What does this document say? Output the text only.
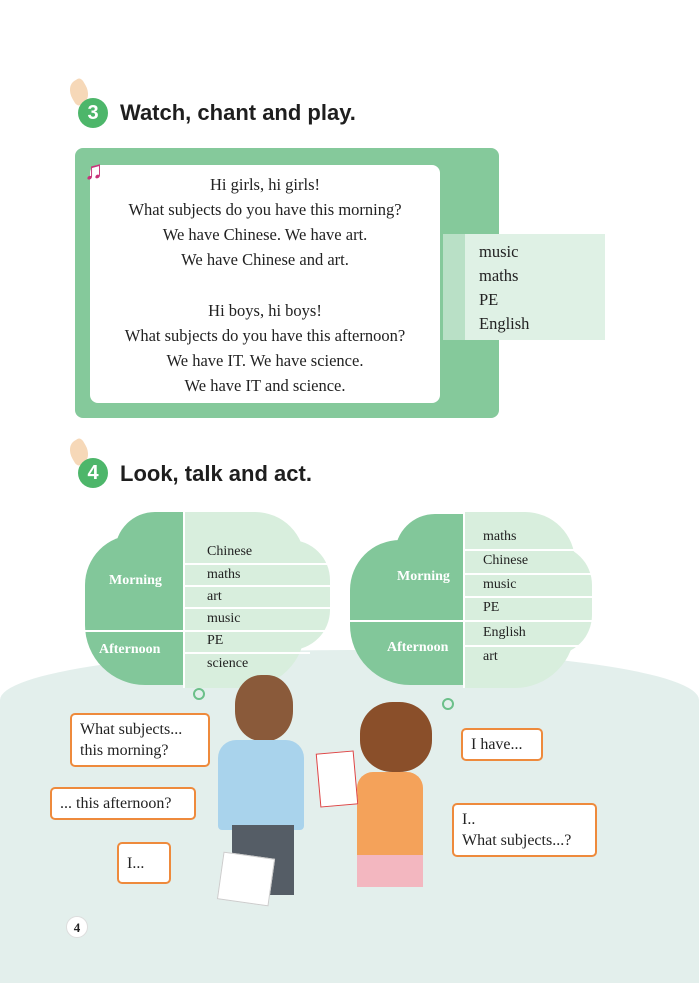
3 Watch, chant and play.
Hi girls, hi girls!
What subjects do you have this morning?
We have Chinese. We have art.
We have Chinese and art.
Hi boys, hi boys!
What subjects do you have this afternoon?
We have IT. We have science.
We have IT and science.
♫
music
maths
PE
English
4 Look, talk and act.
Morning
Afternoon
Chinese
maths
art
music
PE
science
Morning
Afternoon
maths
Chinese
music
PE
English
art
What subjects...
this morning?
... this afternoon?
I...
I have...
I..
What subjects...?
4
